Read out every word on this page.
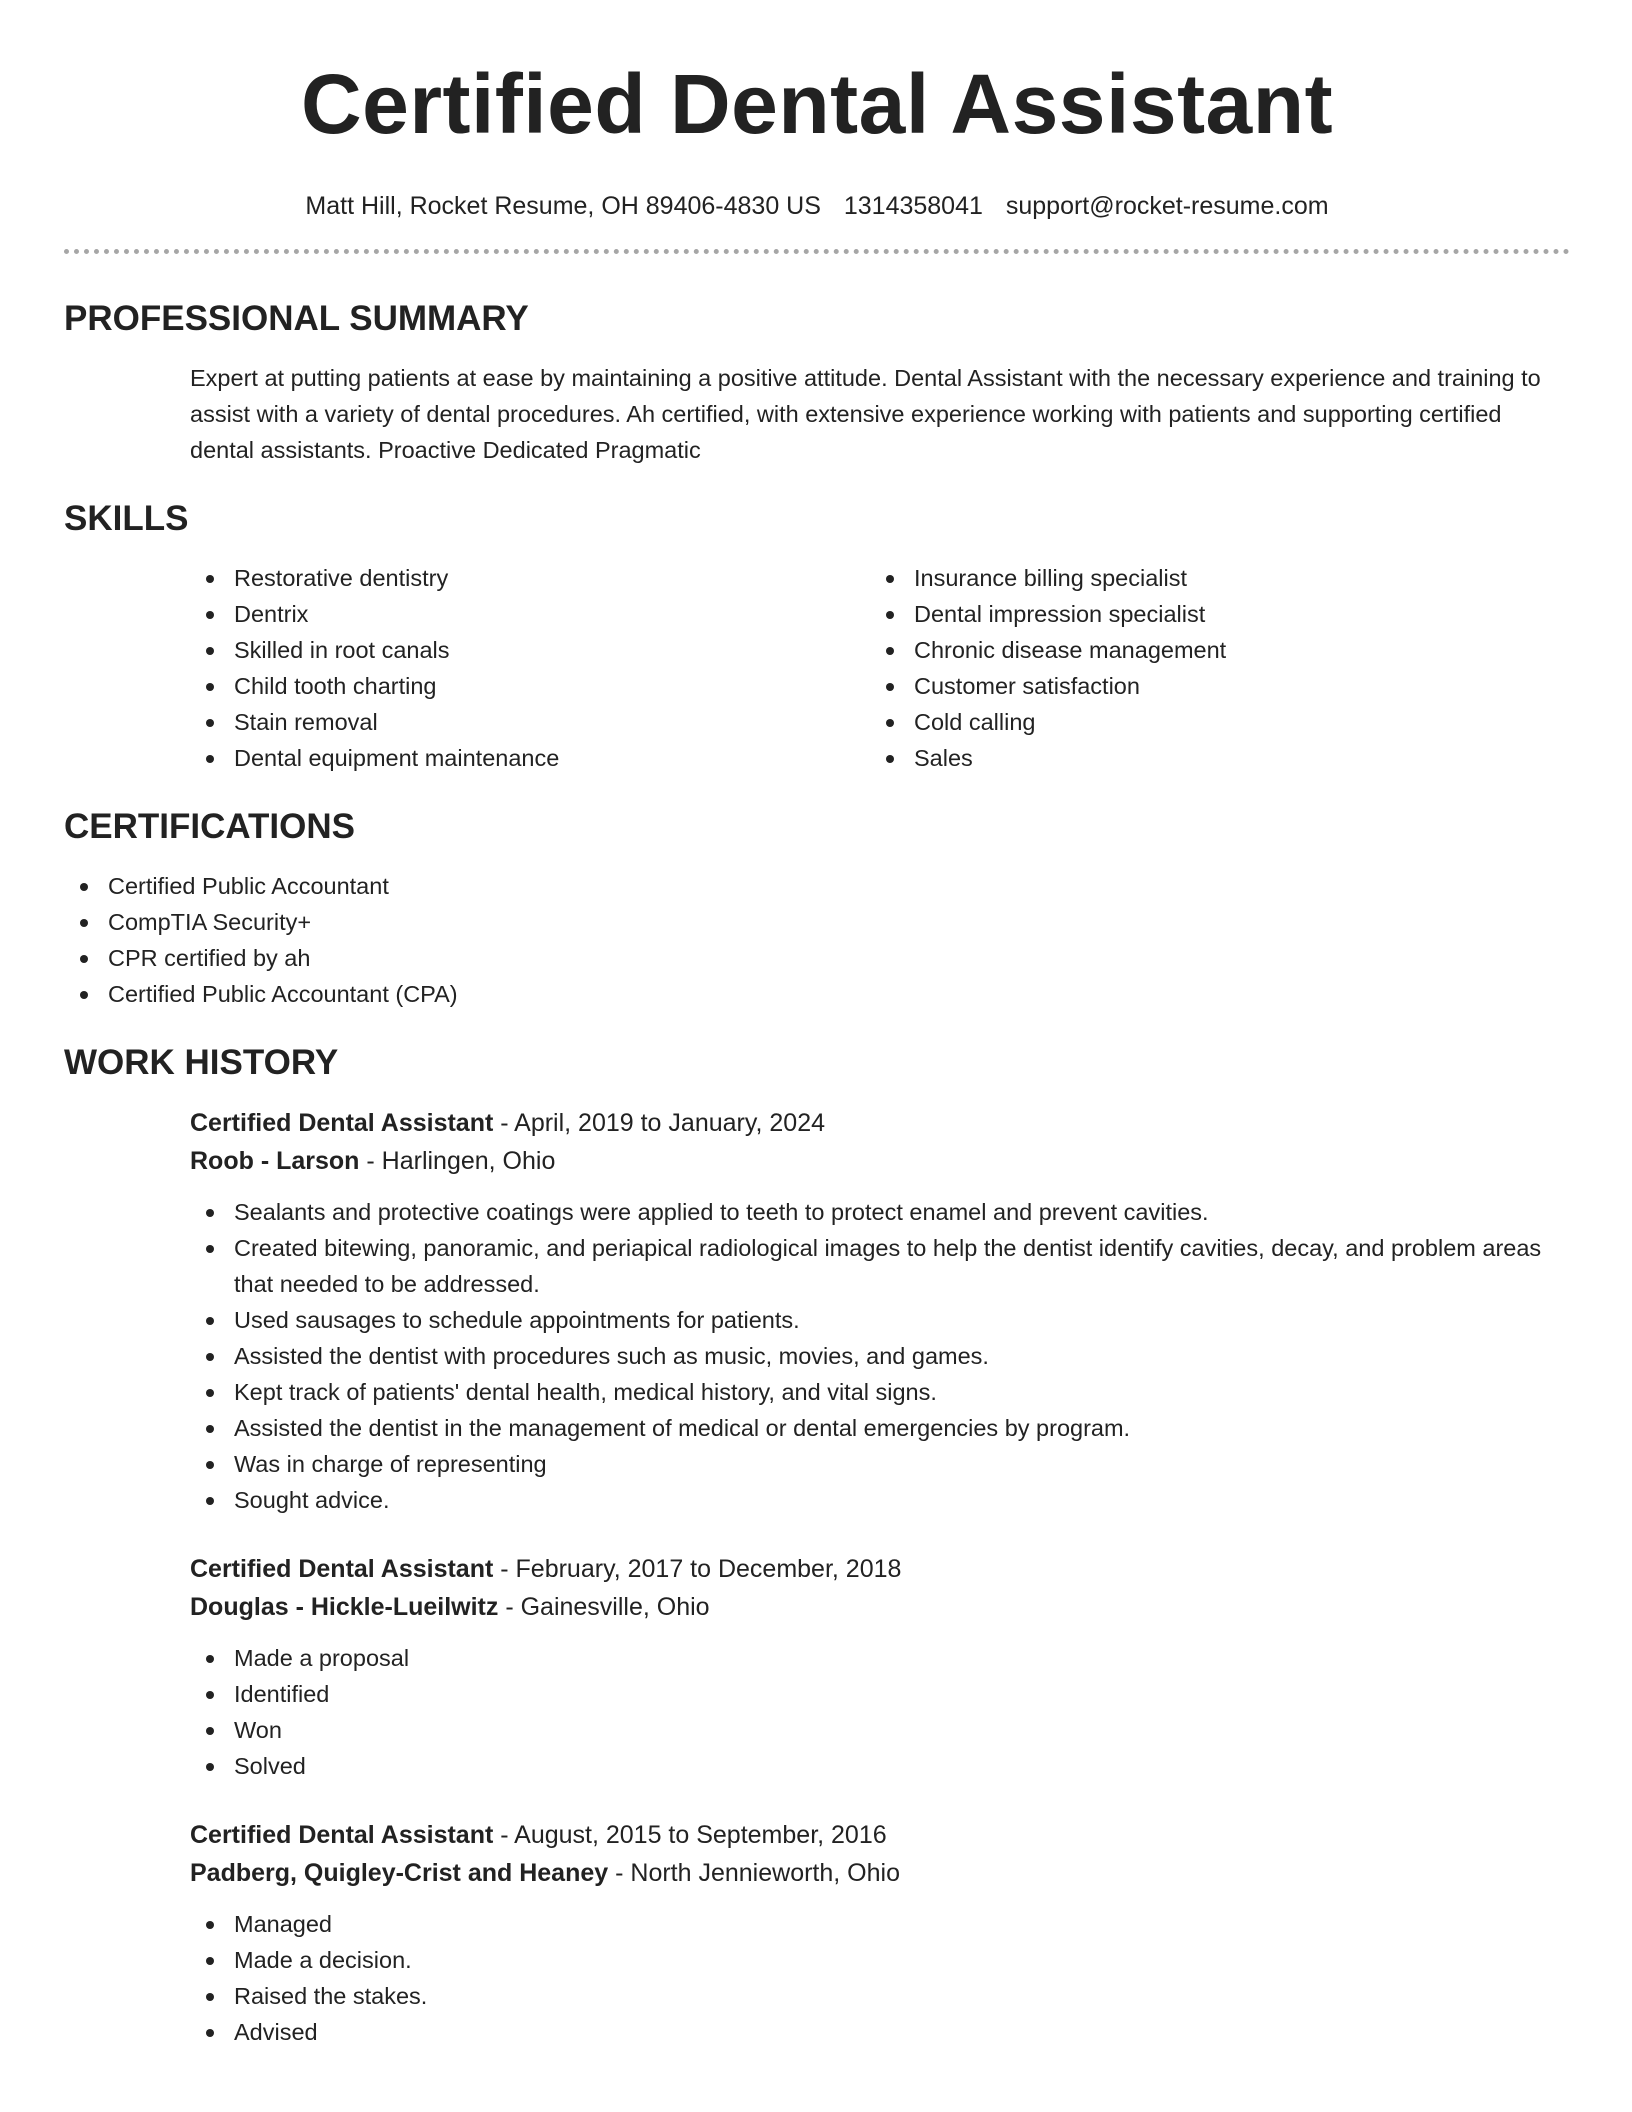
Certified Dental Assistant
Matt Hill, Rocket Resume, OH 89406-4830 US 1314358041 support@rocket-resume.com
PROFESSIONAL SUMMARY

Expert at putting patients at ease by maintaining a positive attitude. Dental Assistant with the necessary experience and training to assist with a variety of dental procedures. Ah certified, with extensive experience working with patients and supporting certified dental assistants. Proactive Dedicated Pragmatic

SKILLS
Restorative dentistry
Dentrix
Skilled in root canals
Child tooth charting
Stain removal
Dental equipment maintenance
Insurance billing specialist
Dental impression specialist
Chronic disease management
Customer satisfaction
Cold calling
Sales
CERTIFICATIONS
Certified Public Accountant
CompTIA Security+
CPR certified by ah
Certified Public Accountant (CPA)
WORK HISTORY
Certified Dental Assistant - April, 2019 to January, 2024
Roob - Larson - Harlingen, Ohio
Sealants and protective coatings were applied to teeth to protect enamel and prevent cavities.
Created bitewing, panoramic, and periapical radiological images to help the dentist identify cavities, decay, and problem areas that needed to be addressed.
Used sausages to schedule appointments for patients.
Assisted the dentist with procedures such as music, movies, and games.
Kept track of patients' dental health, medical history, and vital signs.
Assisted the dentist in the management of medical or dental emergencies by program.
Was in charge of representing
Sought advice.
Certified Dental Assistant - February, 2017 to December, 2018
Douglas - Hickle-Lueilwitz - Gainesville, Ohio
Made a proposal
Identified
Won
Solved
Certified Dental Assistant - August, 2015 to September, 2016
Padberg, Quigley-Crist and Heaney - North Jennieworth, Ohio
Managed
Made a decision.
Raised the stakes.
Advised
